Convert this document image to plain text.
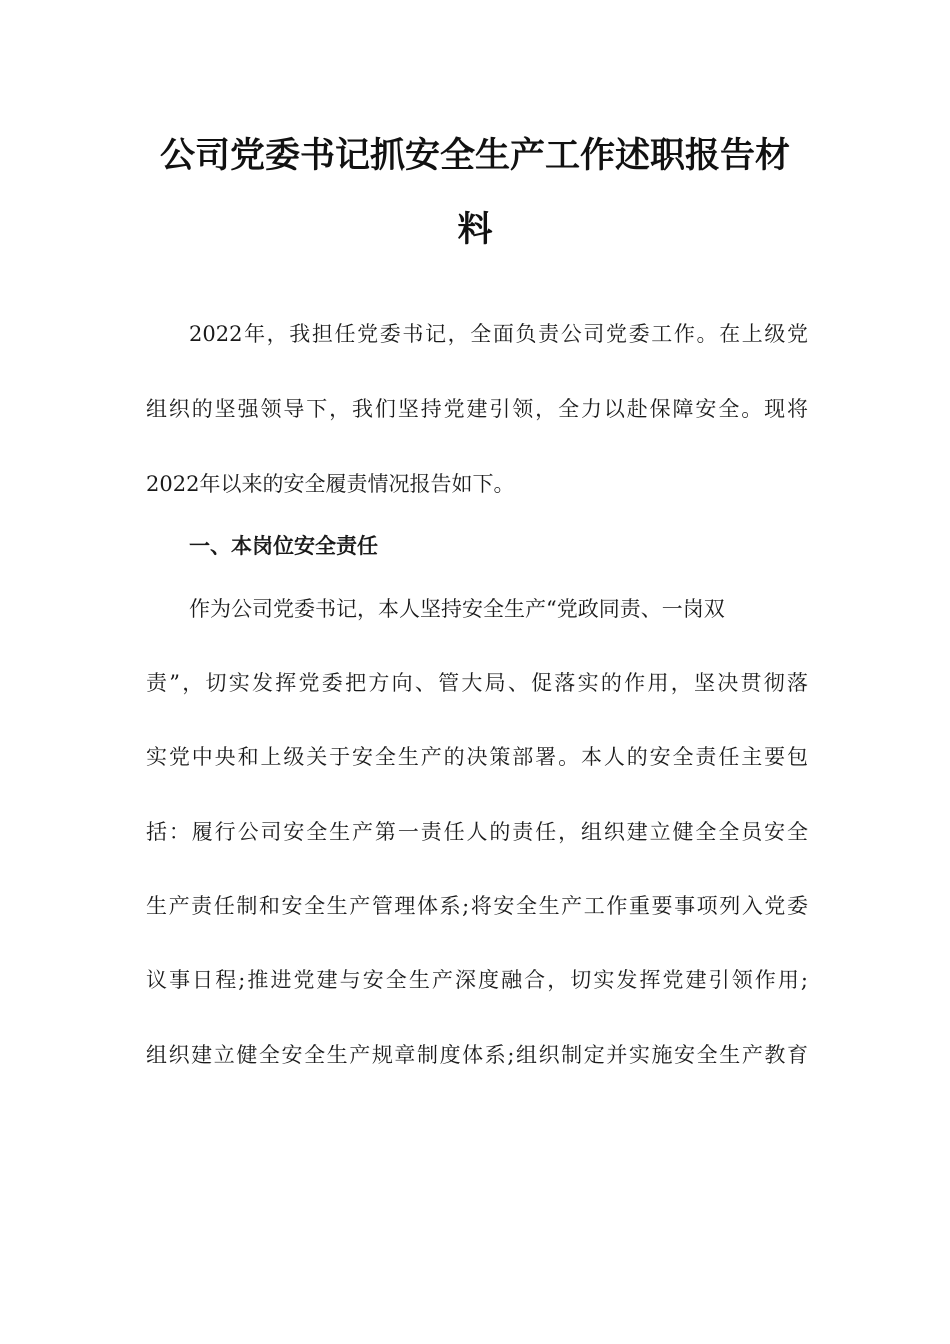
公司党委书记抓安全生产工作述职报告材
料
2022年，我担任党委书记，全面负责公司党委工作。在上级党
组织的坚强领导下，我们坚持党建引领，全力以赴保障安全。现将
2022年以来的安全履责情况报告如下。
一、本岗位安全责任
作为公司党委书记，本人坚持安全生产“党政同责、一岗双
责”，切实发挥党委把方向、管大局、促落实的作用，坚决贯彻落
实党中央和上级关于安全生产的决策部署。本人的安全责任主要包
括：履行公司安全生产第一责任人的责任，组织建立健全全员安全
生产责任制和安全生产管理体系;将安全生产工作重要事项列入党委
议事日程;推进党建与安全生产深度融合，切实发挥党建引领作用;
组织建立健全安全生产规章制度体系;组织制定并实施安全生产教育
